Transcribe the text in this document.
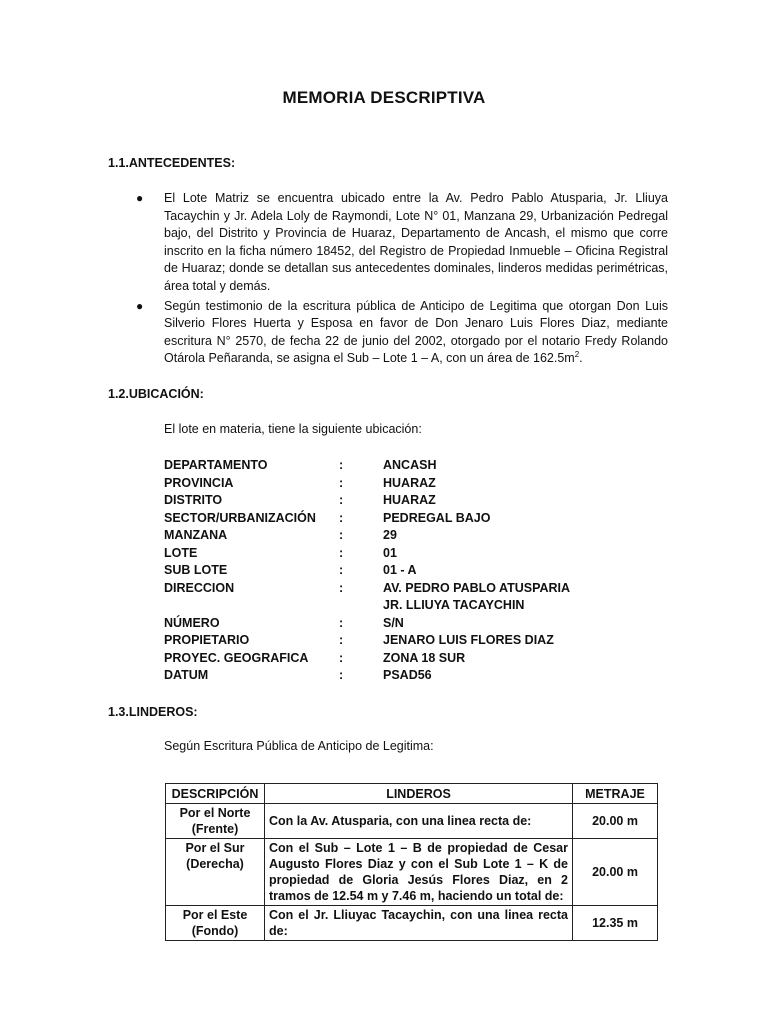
MEMORIA DESCRIPTIVA
1.1.ANTECEDENTES:
● El Lote Matriz se encuentra ubicado entre la Av. Pedro Pablo Atusparia, Jr. Lliuya Tacaychin y Jr. Adela Loly de Raymondi, Lote N° 01, Manzana 29, Urbanización Pedregal bajo, del Distrito y Provincia de Huaraz, Departamento de Ancash, el mismo que corre inscrito en la ficha número 18452, del Registro de Propiedad Inmueble – Oficina Registral de Huaraz; donde se detallan sus antecedentes dominales, linderos medidas perimétricas, área total y demás.
● Según testimonio de la escritura pública de Anticipo de Legitima que otorgan Don Luis Silverio Flores Huerta y Esposa en favor de Don Jenaro Luis Flores Diaz, mediante escritura N° 2570, de fecha 22 de junio del 2002, otorgado por el notario Fredy Rolando Otárola Peñaranda, se asigna el Sub – Lote 1 – A, con un área de $162.5m^2$.
1.2.UBICACIÓN:
El lote en materia, tiene la siguiente ubicación:
DEPARTAMENTO	:	ANCASH
PROVINCIA	:	HUARAZ
DISTRITO	:	HUARAZ
SECTOR/URBANIZACIÓN	:	PEDREGAL BAJO
MANZANA	:	29
LOTE	:	01
SUB LOTE	:	01 - A
DIRECCION	:	AV. PEDRO PABLO ATUSPARIA
JR. LLIUYA TACAYCHIN
NÚMERO	:	S/N
PROPIETARIO	:	JENARO LUIS FLORES DIAZ
PROYEC. GEOGRAFICA	:	ZONA 18 SUR
DATUM	:	PSAD56
1.3.LINDEROS:
Según Escritura Pública de Anticipo de Legitima:
DESCRIPCIÓN	LINDEROS	METRAJE

Por el Norte
(Frente)	Con la Av. Atusparia, con una linea recta de:	20.00 m

Por el Sur
(Derecha)	Con el Sub – Lote 1 – B de propiedad de Cesar Augusto Flores Diaz y con el Sub Lote 1 – K de propiedad de Gloria Jesús Flores Diaz, en 2 tramos de 12.54 m y 7.46 m, haciendo un total de:	20.00 m

Por el Este
(Fondo)	Con el Jr. Lliuyac Tacaychin, con una linea recta de:	12.35 m
